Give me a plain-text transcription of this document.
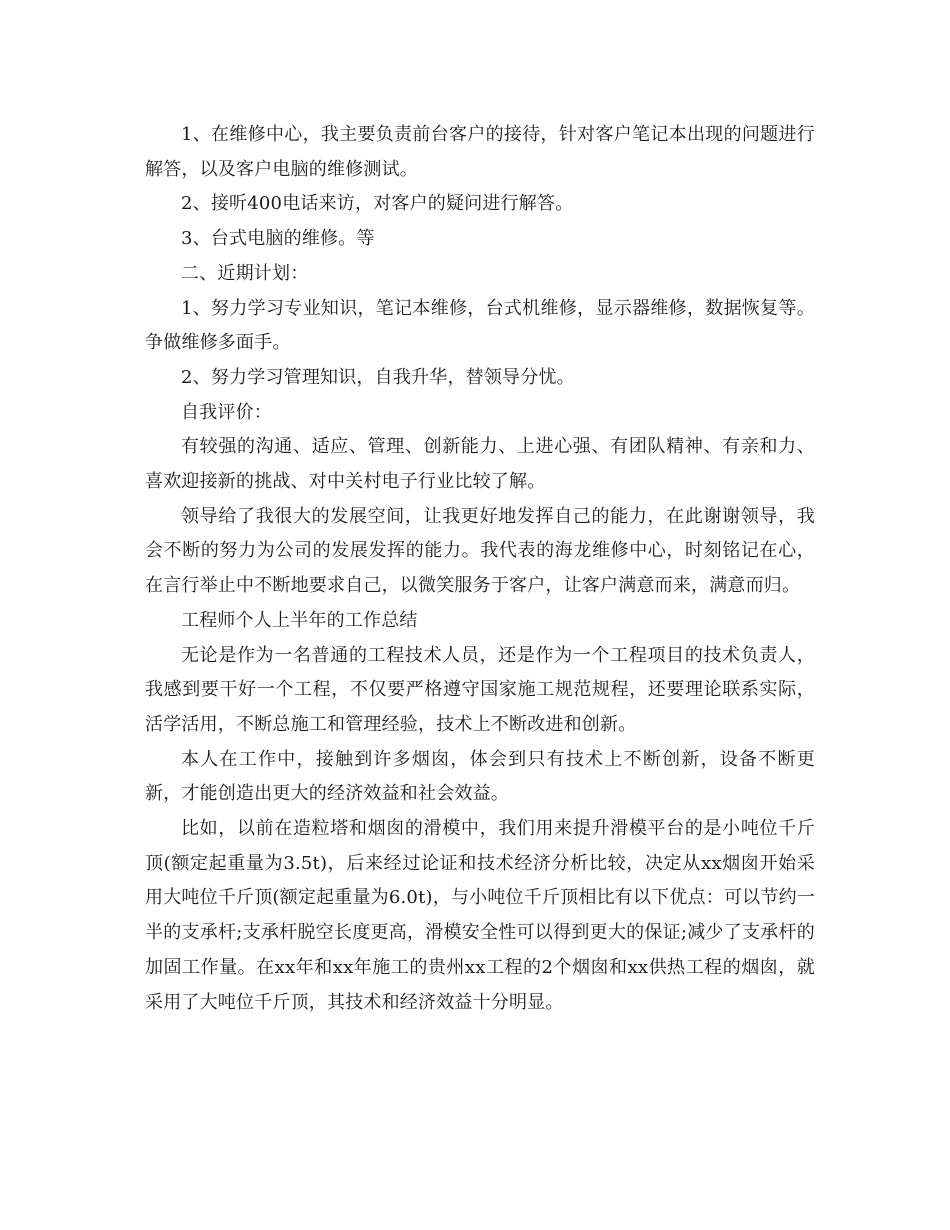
1、在维修中心，我主要负责前台客户的接待，针对客户笔记本出现的问题进行解答，以及客户电脑的维修测试。

2、接听400电话来访，对客户的疑问进行解答。

3、台式电脑的维修。等

二、近期计划：

1、努力学习专业知识，笔记本维修，台式机维修，显示器维修，数据恢复等。争做维修多面手。

2、努力学习管理知识，自我升华，替领导分忧。

自我评价：

有较强的沟通、适应、管理、创新能力、上进心强、有团队精神、有亲和力、喜欢迎接新的挑战、对中关村电子行业比较了解。

领导给了我很大的发展空间，让我更好地发挥自己的能力，在此谢谢领导，我会不断的努力为公司的发展发挥的能力。我代表的海龙维修中心，时刻铭记在心，在言行举止中不断地要求自己，以微笑服务于客户，让客户满意而来，满意而归。

工程师个人上半年的工作总结

无论是作为一名普通的工程技术人员，还是作为一个工程项目的技术负责人，我感到要干好一个工程，不仅要严格遵守国家施工规范规程，还要理论联系实际，活学活用，不断总施工和管理经验，技术上不断改进和创新。

本人在工作中，接触到许多烟囱，体会到只有技术上不断创新，设备不断更新，才能创造出更大的经济效益和社会效益。

比如，以前在造粒塔和烟囱的滑模中，我们用来提升滑模平台的是小吨位千斤顶(额定起重量为3.5t)，后来经过论证和技术经济分析比较，决定从xx烟囱开始采用大吨位千斤顶(额定起重量为6.0t)，与小吨位千斤顶相比有以下优点：可以节约一半的支承杆;支承杆脱空长度更高，滑模安全性可以得到更大的保证;减少了支承杆的加固工作量。在xx年和xx年施工的贵州xx工程的2个烟囱和xx供热工程的烟囱，就采用了大吨位千斤顶，其技术和经济效益十分明显。
